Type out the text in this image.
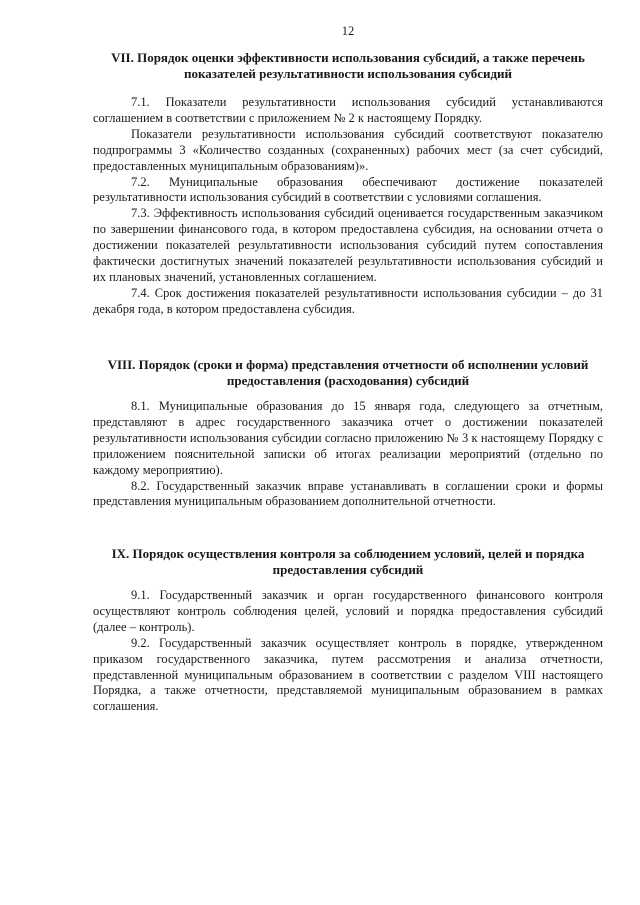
12
VII. Порядок оценки эффективности использования субсидий, а также перечень показателей результативности использования субсидий

7.1. Показатели результативности использования субсидий устанавливаются соглашением в соответствии с приложением № 2 к настоящему Порядку.

Показатели результативности использования субсидий соответствуют показателю подпрограммы 3 «Количество созданных (сохраненных) рабочих мест (за счет субсидий, предоставленных муниципальным образованиям)».

7.2. Муниципальные образования обеспечивают достижение показателей результативности использования субсидий в соответствии с условиями соглашения.

7.3. Эффективность использования субсидий оценивается государственным заказчиком по завершении финансового года, в котором предоставлена субсидия, на основании отчета о достижении показателей результативности использования субсидий путем сопоставления фактически достигнутых значений показателей результативности использования субсидий и их плановых значений, установленных соглашением.

7.4. Срок достижения показателей результативности использования субсидии – до 31 декабря года, в котором предоставлена субсидия.

VIII. Порядок (сроки и форма) представления отчетности об исполнении условий предоставления (расходования) субсидий

8.1. Муниципальные образования до 15 января года, следующего за отчетным, представляют в адрес государственного заказчика отчет о достижении показателей результативности использования субсидии согласно приложению № 3 к настоящему Порядку с приложением пояснительной записки об итогах реализации мероприятий (отдельно по каждому мероприятию).

8.2. Государственный заказчик вправе устанавливать в соглашении сроки и формы представления муниципальным образованием дополнительной отчетности.

IX. Порядок осуществления контроля за соблюдением условий, целей и порядка предоставления субсидий

9.1. Государственный заказчик и орган государственного финансового контроля осуществляют контроль соблюдения целей, условий и порядка предоставления субсидий (далее – контроль).

9.2. Государственный заказчик осуществляет контроль в порядке, утвержденном приказом государственного заказчика, путем рассмотрения и анализа отчетности, представленной муниципальным образованием в соответствии с разделом VIII настоящего Порядка, а также отчетности, представляемой муниципальным образованием в рамках соглашения.
